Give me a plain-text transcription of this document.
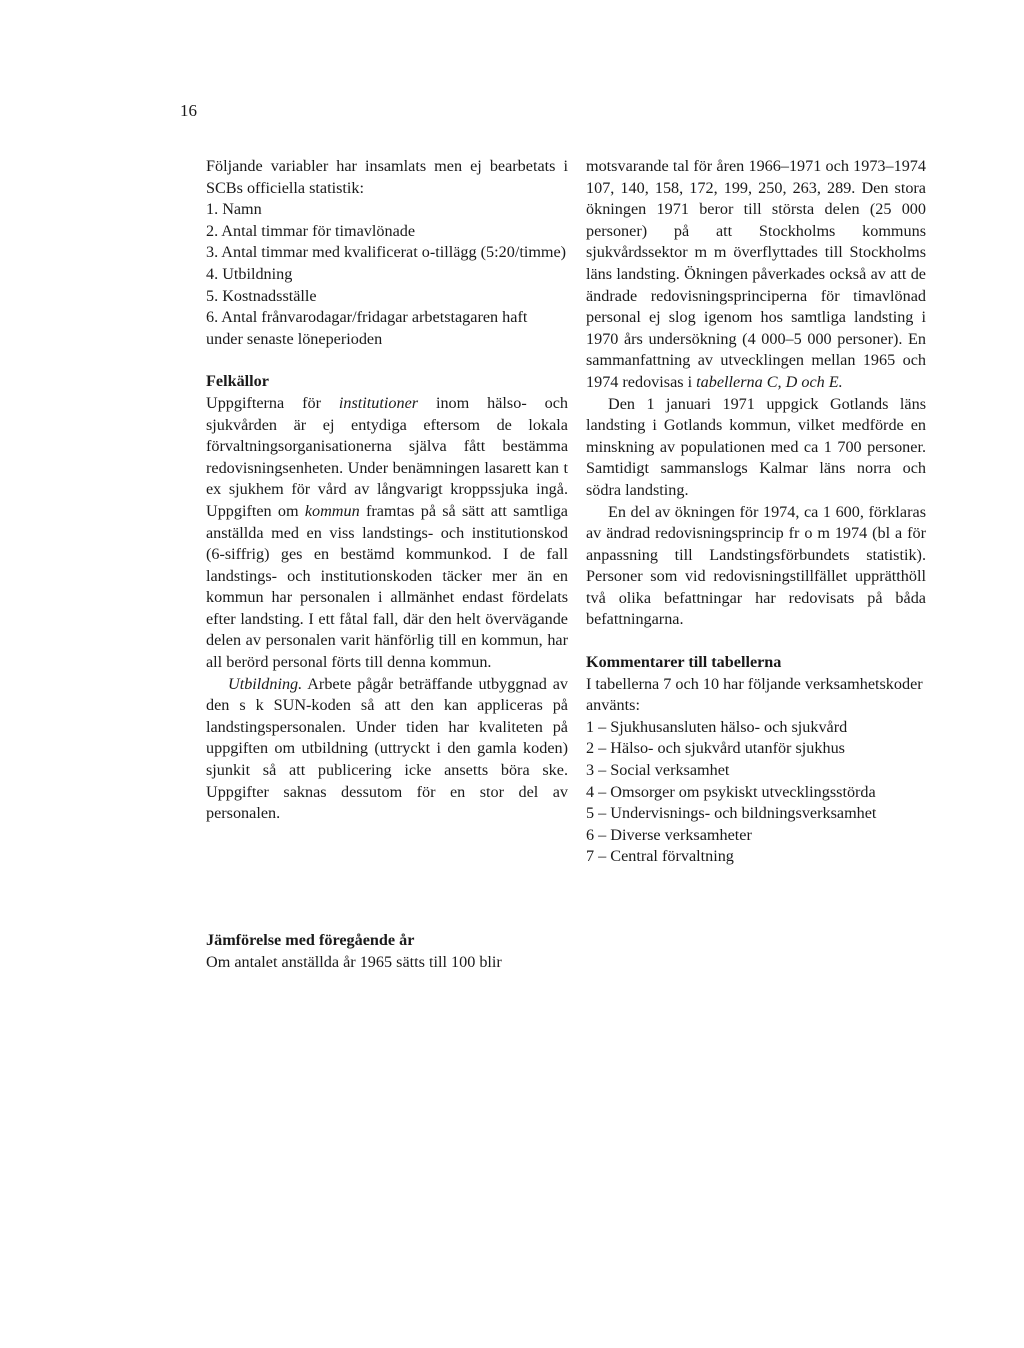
16

Följande variabler har insamlats men ej bearbetats i SCBs officiella statistik:

1. Namn
2. Antal timmar för timavlönade
3. Antal timmar med kvalificerat o-tillägg (5:20/timme)
4. Utbildning
5. Kostnadsställe
6. Antal frånvarodagar/fridagar arbetstagaren haft under senaste löneperioden

Felkällor

Uppgifterna för institutioner inom hälso- och sjukvården är ej entydiga eftersom de lokala förvaltningsorganisationerna själva fått bestämma redovisningsenheten. Under benämningen lasarett kan t ex sjukhem för vård av långvarigt kroppssjuka ingå. Uppgiften om kommun framtas på så sätt att samtliga anställda med en viss landstings- och institutionskod (6-siffrig) ges en bestämd kommunkod. I de fall landstings- och institutionskoden täcker mer än en kommun har personalen i allmänhet endast fördelats efter landsting. I ett fåtal fall, där den helt övervägande delen av personalen varit hänförlig till en kommun, har all berörd personal förts till denna kommun.

Utbildning. Arbete pågår beträffande utbyggnad av den s k SUN-koden så att den kan appliceras på landstingspersonalen. Under tiden har kvaliteten på uppgiften om utbildning (uttryckt i den gamla koden) sjunkit så att publicering icke ansetts böra ske. Uppgifter saknas dessutom för en stor del av personalen.

Jämförelse med föregående år

Om antalet anställda år 1965 sätts till 100 blir

motsvarande tal för åren 1966–1971 och 1973–1974 107, 140, 158, 172, 199, 250, 263, 289. Den stora ökningen 1971 beror till största delen (25 000 personer) på att Stockholms kommuns sjukvårdssektor m m överflyttades till Stockholms läns landsting. Ökningen påverkades också av att de ändrade redovisningsprinciperna för timavlönad personal ej slog igenom hos samtliga landsting i 1970 års undersökning (4 000–5 000 personer). En sammanfattning av utvecklingen mellan 1965 och 1974 redovisas i tabellerna C, D och E.

Den 1 januari 1971 uppgick Gotlands läns landsting i Gotlands kommun, vilket medförde en minskning av populationen med ca 1 700 personer. Samtidigt sammanslogs Kalmar läns norra och södra landsting.

En del av ökningen för 1974, ca 1 600, förklaras av ändrad redovisningsprincip fr o m 1974 (bl a för anpassning till Landstingsförbundets statistik). Personer som vid redovisningstillfället upprätthöll två olika befattningar har redovisats på båda befattningarna.

Kommentarer till tabellerna

I tabellerna 7 och 10 har följande verksamhetskoder använts:

1 – Sjukhusansluten hälso- och sjukvård
2 – Hälso- och sjukvård utanför sjukhus
3 – Social verksamhet
4 – Omsorger om psykiskt utvecklingsstörda
5 – Undervisnings- och bildningsverksamhet
6 – Diverse verksamheter
7 – Central förvaltning
